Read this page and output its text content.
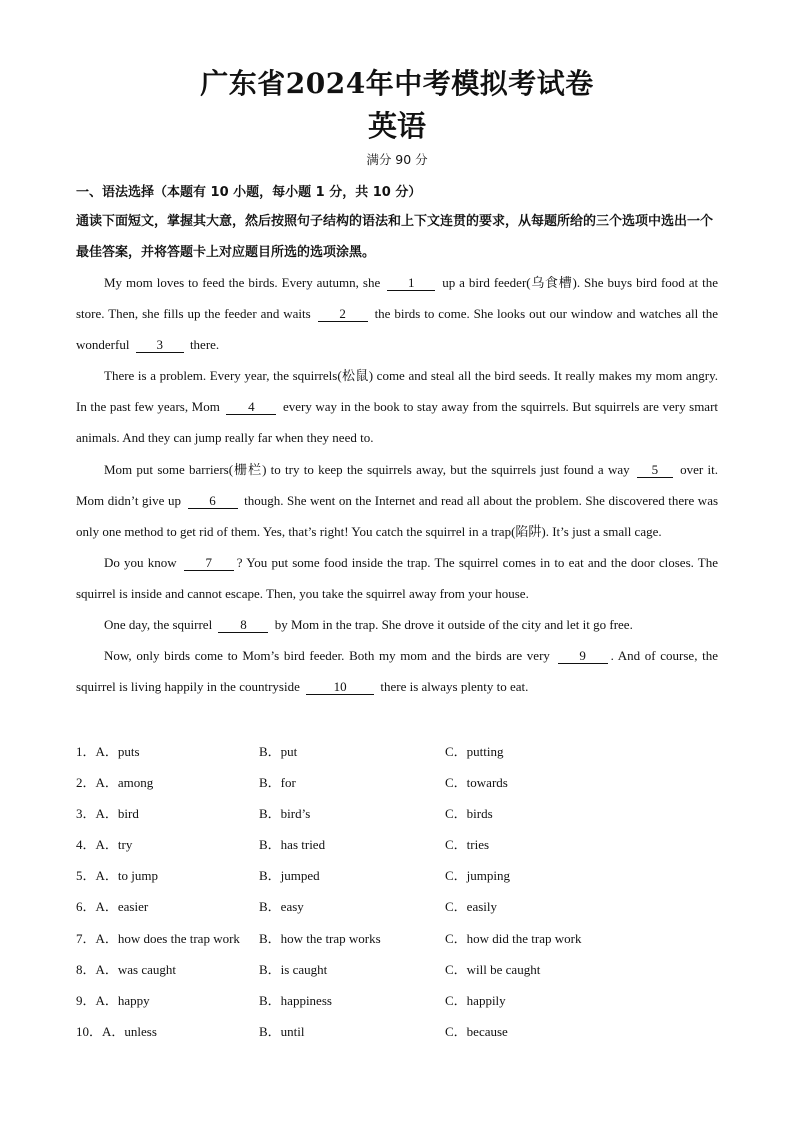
广东省2024年中考模拟考试卷
英语
满分 90 分
一、语法选择（本题有 10 小题，每小题 1 分，共 10 分）
通读下面短文，掌握其大意，然后按照句子结构的语法和上下文连贯的要求，从每题所给的三个选项中选出一个最佳答案，并将答题卡上对应题目所选的选项涂黑。

My mom loves to feed the birds. Every autumn, she 1 up a bird feeder(乌食槽). She buys bird food at the store. Then, she fills up the feeder and waits 2 the birds to come. She looks out our window and watches all the wonderful 3 there.

There is a problem. Every year, the squirrels(松鼠) come and steal all the bird seeds. It really makes my mom angry. In the past few years, Mom 4 every way in the book to stay away from the squirrels. But squirrels are very smart animals. And they can jump really far when they need to.

Mom put some barriers(栅栏) to try to keep the squirrels away, but the squirrels just found a way 5 over it. Mom didn’t give up 6 though. She went on the Internet and read all about the problem. She discovered there was only one method to get rid of them. Yes, that’s right! You catch the squirrel in a trap(陷阱). It’s just a small cage.

Do you know 7 ? You put some food inside the trap. The squirrel comes in to eat and the door closes. The squirrel is inside and cannot escape. Then, you take the squirrel away from your house.

One day, the squirrel 8 by Mom in the trap. She drove it outside of the city and let it go free.

Now, only birds come to Mom’s bird feeder. Both my mom and the birds are very 9 . And of course, the squirrel is living happily in the countryside	10	there is always plenty to eat.

1．A．puts	B．put	C．putting
2．A．among	B．for	C．towards
3．A．bird	B．bird’s	C．birds
4．A．try	B．has tried	C．tries
5．A．to jump	B．jumped	C．jumping
6．A．easier	B．easy	C．easily
7．A．how does the trap work B．how the trap works	C．how did the trap work
8．A．was caught	B．is caught	C．will be caught
9．A．happy	B．happiness	C．happily
10．A．unless	B．until	C．because
